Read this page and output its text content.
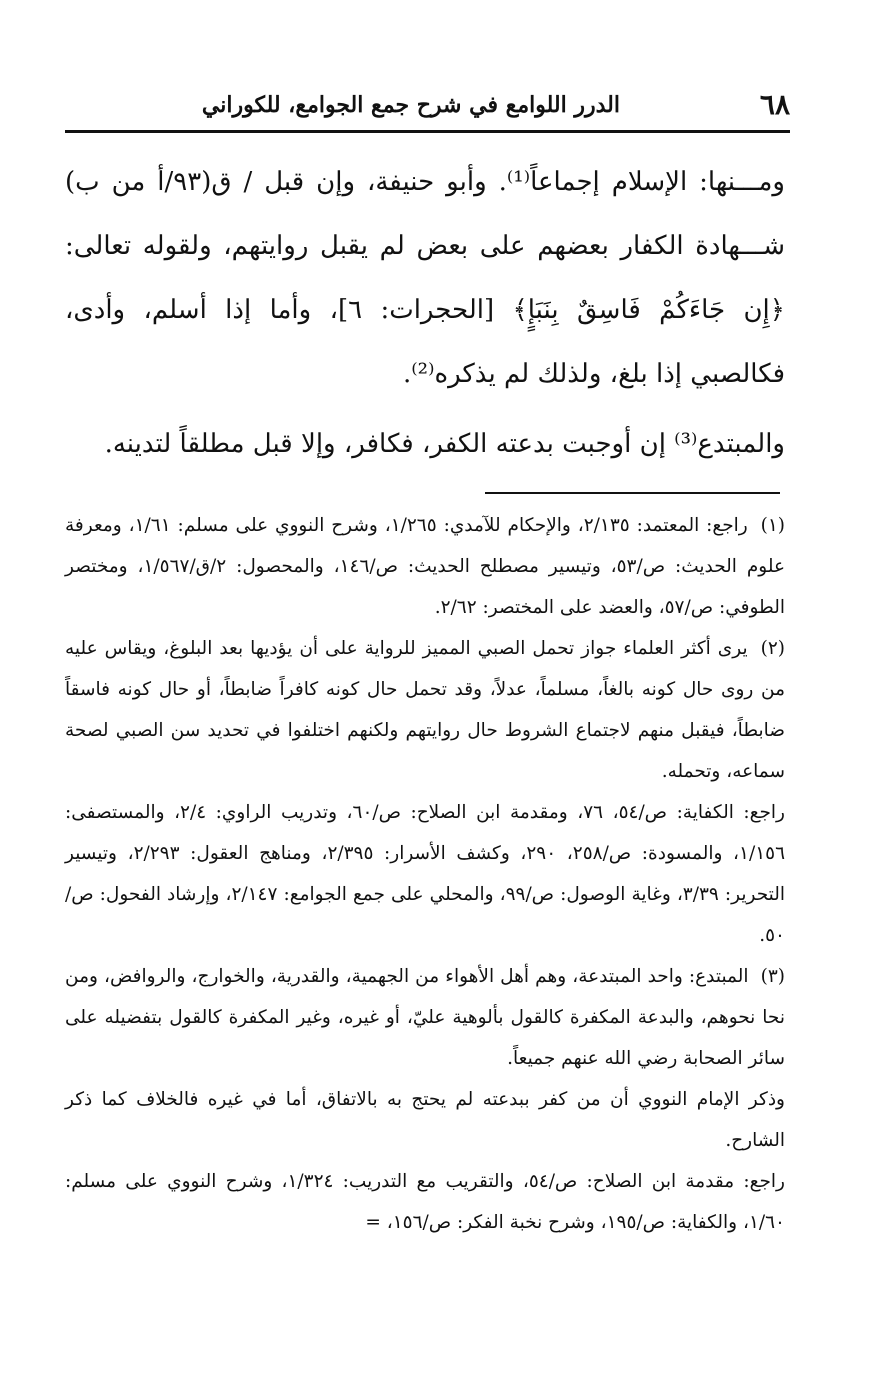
٦٨
الدرر اللوامع في شرح جمع الجوامع، للكوراني

ومـــنها: الإسلام إجماعاً⁽¹⁾. وأبو حنيفة، وإن قبل / ق(٩٣/أ من ب) شـــهادة الكفار بعضهم على بعض لم يقبل روايتهم، ولقوله تعالى: ﴿إِن جَاءَكُمْ فَاسِقٌ بِنَبَإٍ﴾ [الحجرات: ٦]، وأما إذا أسلم، وأدى، فكالصبي إذا بلغ، ولذلك لم يذكره⁽²⁾.

والمبتدع⁽³⁾ إن أوجبت بدعته الكفر، فكافر، وإلا قبل مطلقاً لتدينه.

(١) راجع: المعتمد: ٢/١٣٥، والإحكام للآمدي: ١/٢٦٥، وشرح النووي على مسلم: ١/٦١، ومعرفة علوم الحديث: ص/٥٣، وتيسير مصطلح الحديث: ص/١٤٦، والمحصول: ٢/ق/١/٥٦٧، ومختصر الطوفي: ص/٥٧، والعضد على المختصر: ٢/٦٢.

(٢) يرى أكثر العلماء جواز تحمل الصبي المميز للرواية على أن يؤديها بعد البلوغ، ويقاس عليه من روى حال كونه بالغاً، مسلماً، عدلاً، وقد تحمل حال كونه كافراً ضابطاً، أو حال كونه فاسقاً ضابطاً، فيقبل منهم لاجتماع الشروط حال روايتهم ولكنهم اختلفوا في تحديد سن الصبي لصحة سماعه، وتحمله.

راجع: الكفاية: ص/٥٤، ٧٦، ومقدمة ابن الصلاح: ص/٦٠، وتدريب الراوي: ٢/٤، والمستصفى: ١/١٥٦، والمسودة: ص/٢٥٨، ٢٩٠، وكشف الأسرار: ٢/٣٩٥، ومناهج العقول: ٢/٢٩٣، وتيسير التحرير: ٣/٣٩، وغاية الوصول: ص/٩٩، والمحلي على جمع الجوامع: ٢/١٤٧، وإرشاد الفحول: ص/٥٠.

(٣) المبتدع: واحد المبتدعة، وهم أهل الأهواء من الجهمية، والقدرية، والخوارج، والروافض، ومن نحا نحوهم، والبدعة المكفرة كالقول بألوهية عليّ، أو غيره، وغير المكفرة كالقول بتفضيله على سائر الصحابة رضي الله عنهم جميعاً.

وذكر الإمام النووي أن من كفر ببدعته لم يحتج به بالاتفاق، أما في غيره فالخلاف كما ذكر الشارح.

راجع: مقدمة ابن الصلاح: ص/٥٤، والتقريب مع التدريب: ١/٣٢٤، وشرح النووي على مسلم: ١/٦٠، والكفاية: ص/١٩٥، وشرح نخبة الفكر: ص/١٥٦، =
